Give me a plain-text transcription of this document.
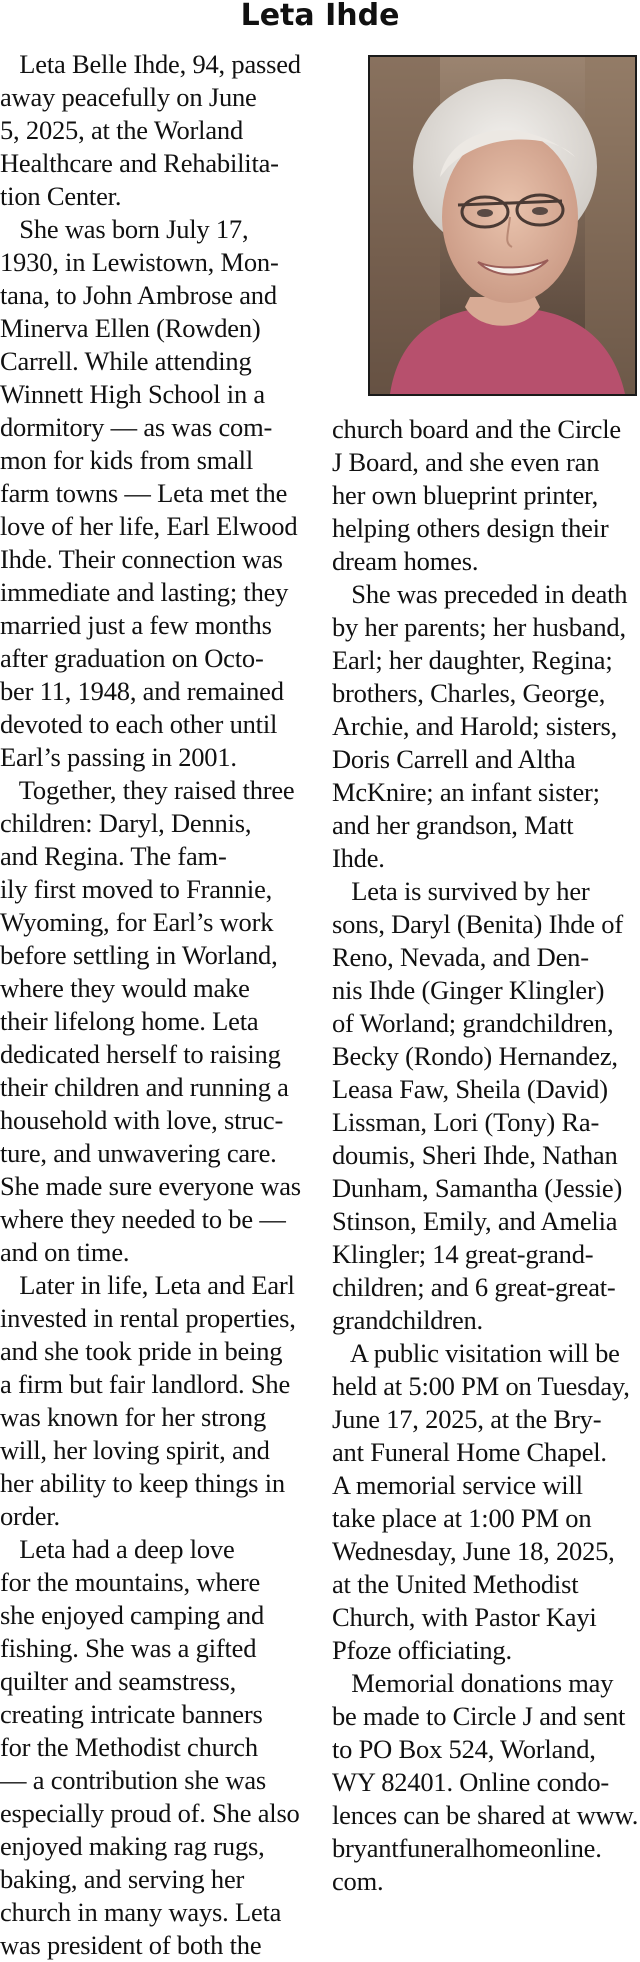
Leta Ihde
Leta Belle Ihde, 94, passed
away peacefully on June
5, 2025, at the Worland
Healthcare and Rehabilita-
tion Center.
She was born July 17,
1930, in Lewistown, Mon-
tana, to John Ambrose and
Minerva Ellen (Rowden)
Carrell. While attending
Winnett High School in a
dormitory — as was com-
mon for kids from small
farm towns — Leta met the
love of her life, Earl Elwood
Ihde. Their connection was
immediate and lasting; they
married just a few months
after graduation on Octo-
ber 11, 1948, and remained
devoted to each other until
Earl’s passing in 2001.
Together, they raised three
children: Daryl, Dennis,
and Regina. The fam-
ily first moved to Frannie,
Wyoming, for Earl’s work
before settling in Worland,
where they would make
their lifelong home. Leta
dedicated herself to raising
their children and running a
household with love, struc-
ture, and unwavering care.
She made sure everyone was
where they needed to be —
and on time.
Later in life, Leta and Earl
invested in rental properties,
and she took pride in being
a firm but fair landlord. She
was known for her strong
will, her loving spirit, and
her ability to keep things in
order.
Leta had a deep love
for the mountains, where
she enjoyed camping and
fishing. She was a gifted
quilter and seamstress,
creating intricate banners
for the Methodist church
— a contribution she was
especially proud of. She also
enjoyed making rag rugs,
baking, and serving her
church in many ways. Leta
was president of both the
church board and the Circle
J Board, and she even ran
her own blueprint printer,
helping others design their
dream homes.
She was preceded in death
by her parents; her husband,
Earl; her daughter, Regina;
brothers, Charles, George,
Archie, and Harold; sisters,
Doris Carrell and Altha
McKnire; an infant sister;
and her grandson, Matt
Ihde.
Leta is survived by her
sons, Daryl (Benita) Ihde of
Reno, Nevada, and Den-
nis Ihde (Ginger Klingler)
of Worland; grandchildren,
Becky (Rondo) Hernandez,
Leasa Faw, Sheila (David)
Lissman, Lori (Tony) Ra-
doumis, Sheri Ihde, Nathan
Dunham, Samantha (Jessie)
Stinson, Emily, and Amelia
Klingler; 14 great-grand-
children; and 6 great-great-
grandchildren.
A public visitation will be
held at 5:00 PM on Tuesday,
June 17, 2025, at the Bry-
ant Funeral Home Chapel.
A memorial service will
take place at 1:00 PM on
Wednesday, June 18, 2025,
at the United Methodist
Church, with Pastor Kayi
Pfoze officiating.
Memorial donations may
be made to Circle J and sent
to PO Box 524, Worland,
WY 82401. Online condo-
lences can be shared at www.
bryantfuneralhomeonline.
com.
